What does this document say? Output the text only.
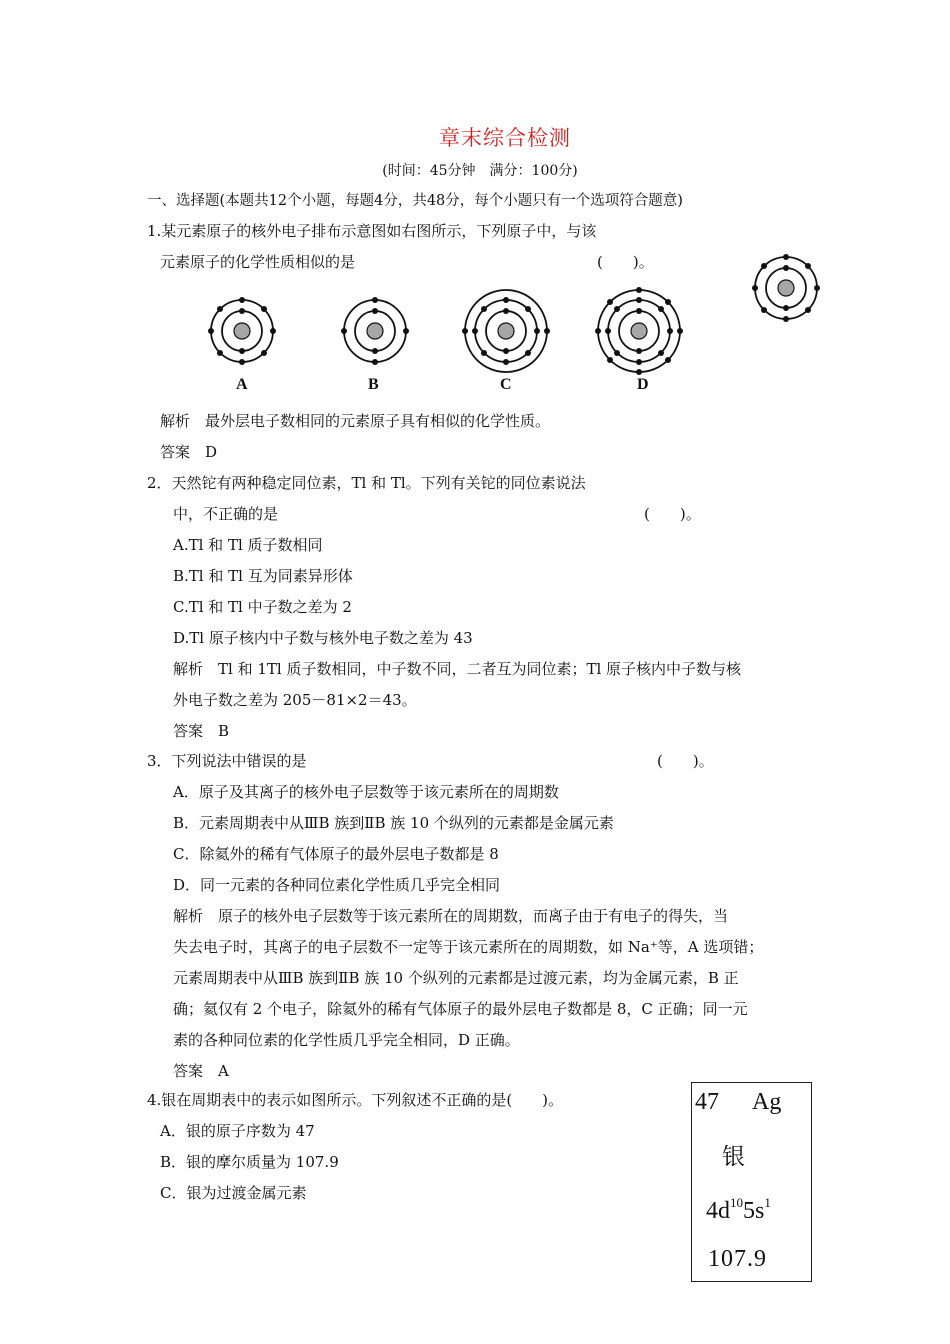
章末综合检测
(时间：45分钟　满分：100分)
一、选择题(本题共12个小题，每题4分，共48分，每个小题只有一个选项符合题意)
1.某元素原子的核外电子排布示意图如右图所示，下列原子中，与该
元素原子的化学性质相似的是	(　　)。
A	B	C	D
解析　最外层电子数相同的元素原子具有相似的化学性质。
答案　D
2．天然铊有两种稳定同位素，Tl 和 Tl。下列有关铊的同位素说法
中，不正确的是	(　　)。
A.Tl 和 Tl 质子数相同
B.Tl 和 Tl 互为同素异形体
C.Tl 和 Tl 中子数之差为 2
D.Tl 原子核内中子数与核外电子数之差为 43
解析　Tl 和 1Tl 质子数相同，中子数不同，二者互为同位素；Tl 原子核内中子数与核
外电子数之差为 205－81×2＝43。
答案　B
3．下列说法中错误的是	(　　)。
A．原子及其离子的核外电子层数等于该元素所在的周期数
B．元素周期表中从ⅢB 族到ⅡB 族 10 个纵列的元素都是金属元素
C．除氦外的稀有气体原子的最外层电子数都是 8
D．同一元素的各种同位素化学性质几乎完全相同
解析　原子的核外电子层数等于该元素所在的周期数，而离子由于有电子的得失，当
失去电子时，其离子的电子层数不一定等于该元素所在的周期数，如 Na⁺等，A 选项错；
元素周期表中从ⅢB 族到ⅡB 族 10 个纵列的元素都是过渡元素，均为金属元素，B 正
确；氦仅有 2 个电子，除氦外的稀有气体原子的最外层电子数都是 8，C 正确；同一元
素的各种同位素的化学性质几乎完全相同，D 正确。
答案　A
4.银在周期表中的表示如图所示。下列叙述不正确的是(　　)。
A．银的原子序数为 47
B．银的摩尔质量为 107.9
C．银为过渡金属元素
47 Ag
银
$4d^{10}5s^1$
107.9
